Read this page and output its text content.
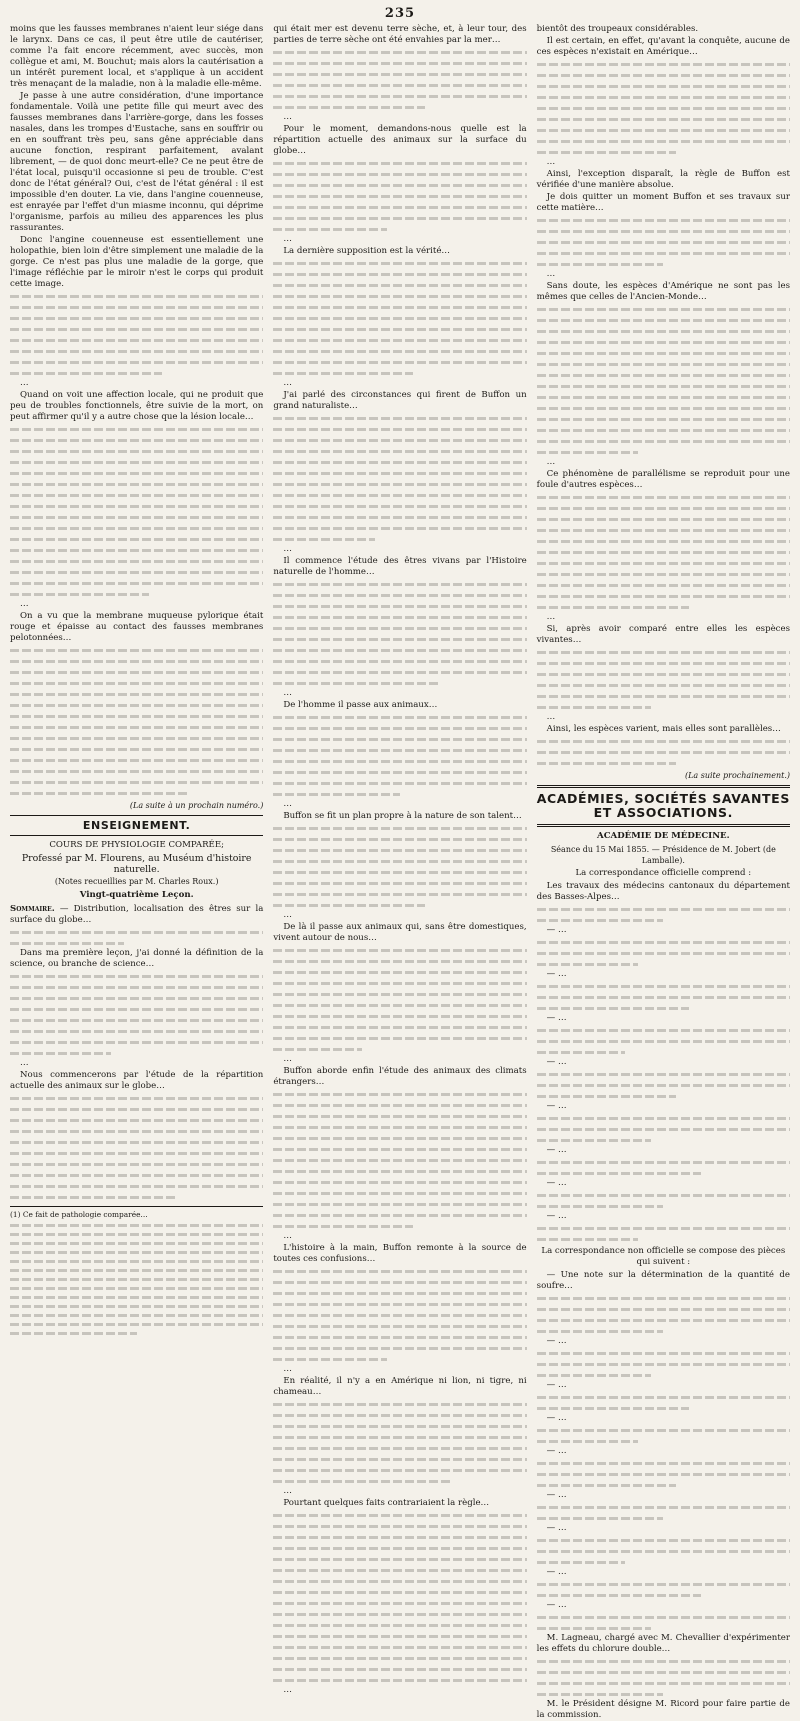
235

moins que les fausses membranes n'aient leur siége dans le larynx. Dans ce cas, il peut être utile de cautériser, comme l'a fait encore récemment, avec succès, mon collègue et ami, M. Bouchut; mais alors la cautérisation a un intérêt purement local, et s'applique à un accident très menaçant de la maladie, non à la maladie elle-même.

Je passe à une autre considération, d'une importance fondamentale. Voilà une petite fille qui meurt avec des fausses membranes dans l'arrière-gorge, dans les fosses nasales, dans les trompes d'Eustache, sans en souffrir ou en en souffrant très peu, sans gêne appréciable dans aucune fonction, respirant parfaitement, avalant librement, — de quoi donc meurt-elle? Ce ne peut être de l'état local, puisqu'il occasionne si peu de trouble. C'est donc de l'état général? Oui, c'est de l'état général : il est impossible d'en douter. La vie, dans l'angine couenneuse, est enrayée par l'effet d'un miasme inconnu, qui déprime l'organisme, parfois au milieu des apparences les plus rassurantes.

Donc l'angine couenneuse est essentiellement une holopathie, bien loin d'être simplement une maladie de la gorge. Ce n'est pas plus une maladie de la gorge, que l'image réfléchie par le miroir n'est le corps qui produit cette image.

…

Quand on voit une affection locale, qui ne produit que peu de troubles fonctionnels, être suivie de la mort, on peut affirmer qu'il y a autre chose que la lésion locale…

…

On a vu que la membrane muqueuse pylorique était rouge et épaisse au contact des fausses membranes pelotonnées…

(La suite à un prochain numéro.)
ENSEIGNEMENT.
COURS DE PHYSIOLOGIE COMPARÉE;
Professé par M. Flourens, au Muséum d'histoire naturelle.
(Notes recueillies par M. Charles Roux.)
Vingt-quatrième Leçon.

Sommaire. — Distribution, localisation des êtres sur la surface du globe…

Dans ma première leçon, j'ai donné la définition de la science, ou branche de science…

…

Nous commencerons par l'étude de la répartition actuelle des animaux sur le globe…

(1) Ce fait de pathologie comparée…

qui était mer est devenu terre sèche, et, à leur tour, des parties de terre sèche ont été envahies par la mer…

…

Pour le moment, demandons-nous quelle est la répartition actuelle des animaux sur la surface du globe…

…

La dernière supposition est la vérité…

…

J'ai parlé des circonstances qui firent de Buffon un grand naturaliste…

…

Il commence l'étude des êtres vivans par l'Histoire naturelle de l'homme…

…

De l'homme il passe aux animaux…

…

Buffon se fit un plan propre à la nature de son talent…

…

De là il passe aux animaux qui, sans être domestiques, vivent autour de nous…

…

Buffon aborde enfin l'étude des animaux des climats étrangers…

…

L'histoire à la main, Buffon remonte à la source de toutes ces confusions…

…

En réalité, il n'y a en Amérique ni lion, ni tigre, ni chameau…

…

Pourtant quelques faits contrariaient la règle…

…

bientôt des troupeaux considérables.

Il est certain, en effet, qu'avant la conquête, aucune de ces espèces n'existait en Amérique…

…

Ainsi, l'exception disparaît, la règle de Buffon est vérifiée d'une manière absolue.

Je dois quitter un moment Buffon et ses travaux sur cette matière…

…

Sans doute, les espèces d'Amérique ne sont pas les mêmes que celles de l'Ancien-Monde…

…

Ce phénomène de parallélisme se reproduit pour une foule d'autres espèces…

…

Si, après avoir comparé entre elles les espèces vivantes…

…

Ainsi, les espèces varient, mais elles sont parallèles…

(La suite prochainement.)
ACADÉMIES, SOCIÉTÉS SAVANTES ET ASSOCIATIONS.
ACADÉMIE DE MÉDECINE.
Séance du 15 Mai 1855. — Présidence de M. Jobert (de Lamballe).

La correspondance officielle comprend :

Les travaux des médecins cantonaux du département des Basses-Alpes…

— …

— …

— …

— …

— …

— …

— …

— …

La correspondance non officielle se compose des pièces qui suivent :

— Une note sur la détermination de la quantité de soufre…

— …

— …

— …

— …

— …

— …

— …

— …

M. Lagneau, chargé avec M. Chevallier d'expérimenter les effets du chlorure double…

M. le Président désigne M. Ricord pour faire partie de la commission.
